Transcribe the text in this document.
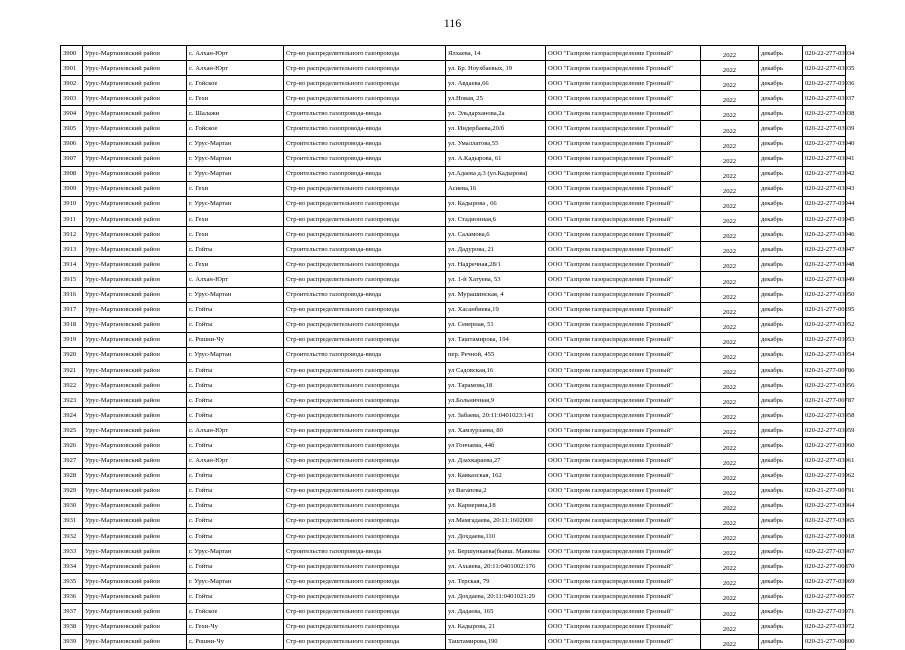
116
3900	Урус-Мартановский район	с. Алхан-Юрт	Стр-во распределительного газопровода	Ялхаева, 14	ООО "Газпром газораспределение Грозный"	2022	декабрь	020-22-277-03934
3901	Урус-Мартановский район	с. Алхан-Юрт	Стр-во распределительного газопровода	ул. Бр. Ноухбаевых, 19	ООО "Газпром газораспределение Грозный"	2022	декабрь	020-22-277-03935
3902	Урус-Мартановский район	с. Гойское	Стр-во распределительного газопровода	ул. Авдаева,66	ООО "Газпром газораспределение Грозный"	2022	декабрь	020-22-277-03936
3903	Урус-Мартановский район	с. Гехи	Стр-во распределительного газопровода	ул.Новая, 25	ООО "Газпром газораспределение Грозный"	2022	декабрь	020-22-277-03937
3904	Урус-Мартановский район	с. Шалажи	Строительство газопровода-ввода	ул. Эльдарханова,2а	ООО "Газпром газораспределение Грозный"	2022	декабрь	020-22-277-03938
3905	Урус-Мартановский район	с. Гойское	Строительство газопровода-ввода	ул. Индербаева,20/б	ООО "Газпром газораспределение Грозный"	2022	декабрь	020-22-277-03939
3906	Урус-Мартановский район	г. Урус-Мартан	Строительство газопровода-ввода	ул. Умаллатова,55	ООО "Газпром газораспределение Грозный"	2022	декабрь	020-22-277-03940
3907	Урус-Мартановский район	г. Урус-Мартан	Строительство газопровода-ввода	ул. А.Кадырова, 61	ООО "Газпром газораспределение Грозный"	2022	декабрь	020-22-277-03941
3908	Урус-Мартановский район	г. Урус-Мартан	Строительство газопровода-ввода	ул.Адаева д.3 (ул.Кадырова)	ООО "Газпром газораспределение Грозный"	2022	декабрь	020-22-277-03942
3909	Урус-Мартановский район	с. Гехи	Стр-во распределительного газопровода	Асиева,16	ООО "Газпром газораспределение Грозный"	2022	декабрь	020-22-277-03943
3910	Урус-Мартановский район	г. Урус-Мартан	Стр-во распределительного газопровода	ул. Кадырова , 66	ООО "Газпром газораспределение Грозный"	2022	декабрь	020-22-277-03944
3911	Урус-Мартановский район	с. Гехи	Стр-во распределительного газопровода	ул. Стадионная,6	ООО "Газпром газораспределение Грозный"	2022	декабрь	020-22-277-03945
3912	Урус-Мартановский район	с. Гехи	Стр-во распределительного газопровода	ул. Саламова,6	ООО "Газпром газораспределение Грозный"	2022	декабрь	020-22-277-03946
3913	Урус-Мартановский район	с. Гойты	Строительство газопровода-ввода	ул. Дадурова, 21	ООО "Газпром газораспределение Грозный"	2022	декабрь	020-22-277-03947
3914	Урус-Мартановский район	с. Гехи	Стр-во распределительного газопровода	ул. Надречная,28/1	ООО "Газпром газораспределение Грозный"	2022	декабрь	020-22-277-03948
3915	Урус-Мартановский район	с. Алхан-Юрт	Стр-во распределительного газопровода	ул. 1-й Хатуева, 53	ООО "Газпром газораспределение Грозный"	2022	декабрь	020-22-277-03949
3916	Урус-Мартановский район	г. Урус-Мартан	Строительство газопровода-ввода	ул. Мурашинская, 4	ООО "Газпром газораспределение Грозный"	2022	декабрь	020-22-277-03950
3917	Урус-Мартановский район	с. Гойты	Стр-во распределительного газопровода	ул. Хасанбиева,19	ООО "Газпром газораспределение Грозный"	2022	декабрь	020-21-277-00295
3918	Урус-Мартановский район	с. Гойты	Стр-во распределительного газопровода	ул. Северная, 51	ООО "Газпром газораспределение Грозный"	2022	декабрь	020-22-277-03952
3919	Урус-Мартановский район	с. Рошни-Чу	Стр-во распределительного газопровода	ул. Таштамирова, 194	ООО "Газпром газораспределение Грозный"	2022	декабрь	020-22-277-03953
3920	Урус-Мартановский район	г. Урус-Мартан	Строительство газопровода-ввода	пер. Речной, 455	ООО "Газпром газораспределение Грозный"	2022	декабрь	020-22-277-03954
3921	Урус-Мартановский район	с. Гойты	Стр-во распределительного газопровода	ул Садовская,16	ООО "Газпром газораспределение Грозный"	2022	декабрь	020-21-277-00786
3922	Урус-Мартановский район	с. Гойты	Стр-во распределительного газопровода	ул. Тарамова,18	ООО "Газпром газораспределение Грозный"	2022	декабрь	020-22-277-03956
3923	Урус-Мартановский район	с. Гойты	Стр-во распределительного газопровода	ул.Больничная,9	ООО "Газпром газораспределение Грозный"	2022	декабрь	020-21-277-00787
3924	Урус-Мартановский район	с. Гойты	Стр-во распределительного газопровода	ул. Забаева, 20:11:0401023:141	ООО "Газпром газораспределение Грозный"	2022	декабрь	020-22-277-03958
3925	Урус-Мартановский район	с. Алхан-Юрт	Стр-во распределительного газопровода	ул. Хамзурзаева, 80	ООО "Газпром газораспределение Грозный"	2022	декабрь	020-22-277-03959
3926	Урус-Мартановский район	с. Гойты	Стр-во распределительного газопровода	ул Гончаева, 44б	ООО "Газпром газораспределение Грозный"	2022	декабрь	020-22-277-03960
3927	Урус-Мартановский район	с. Алхан-Юрт	Стр-во распределительного газопровода	ул. Дзахкараева,27	ООО "Газпром газораспределение Грозный"	2022	декабрь	020-22-277-03961
3928	Урус-Мартановский район	с. Гойты	Стр-во распределительного газопровода	ул. Кавказская, 162	ООО "Газпром газораспределение Грозный"	2022	декабрь	020-22-277-03962
3929	Урус-Мартановский район	с. Гойты	Стр-во распределительного газопровода	ул Вагапова,2	ООО "Газпром газораспределение Грозный"	2022	декабрь	020-21-277-00791
3930	Урус-Мартановский район	с. Гойты	Стр-во распределительного газопровода	ул. Кариеряна,18	ООО "Газпром газораспределение Грозный"	2022	декабрь	020-22-277-03964
3931	Урус-Мартановский район	с. Гойты	Стр-во распределительного газопровода	ул.Мамгадаева, 20:11:1602000	ООО "Газпром газораспределение Грозный"	2022	декабрь	020-22-277-03965
3932	Урус-Мартановский район	с. Гойты	Стр-во распределительного газопровода	ул. Дохдаева,110	ООО "Газпром газораспределение Грозный"	2022	декабрь	020-22-277-00918
3933	Урус-Мартановский район	г. Урус-Мартан	Строительство газопровода-ввода	ул. Бершункаева(бывш. Маякова	ООО "Газпром газораспределение Грозный"	2022	декабрь	020-22-277-03967
3934	Урус-Мартановский район	с. Гойты	Стр-во распределительного газопровода	ул. Ахьяева, 20:11:0401002:176	ООО "Газпром газораспределение Грозный"	2022	декабрь	020-22-277-00870
3935	Урус-Мартановский район	г. Урус-Мартан	Стр-во распределительного газопровода	ул. Терская, 79	ООО "Газпром газораспределение Грозный"	2022	декабрь	020-22-277-03969
3936	Урус-Мартановский район	с. Гойты	Стр-во распределительного газопровода	ул. Дохдаева, 20:11:0401021:29	ООО "Газпром газораспределение Грозный"	2022	декабрь	020-22-277-00957
3937	Урус-Мартановский район	с. Гойское	Стр-во распределительного газопровода	ул. Дадаева, 165	ООО "Газпром газораспределение Грозный"	2022	декабрь	020-22-277-03971
3938	Урус-Мартановский район	с. Гехи-Чу	Стр-во распределительного газопровода	ул. Кадырова, 21	ООО "Газпром газораспределение Грозный"	2022	декабрь	020-22-277-03972
3939	Урус-Мартановский район	с. Рошни-Чу	Стр-во распределительного газопровода	Таштамирова,190	ООО "Газпром газораспределение Грозный"	2022	декабрь	020-21-277-00800
